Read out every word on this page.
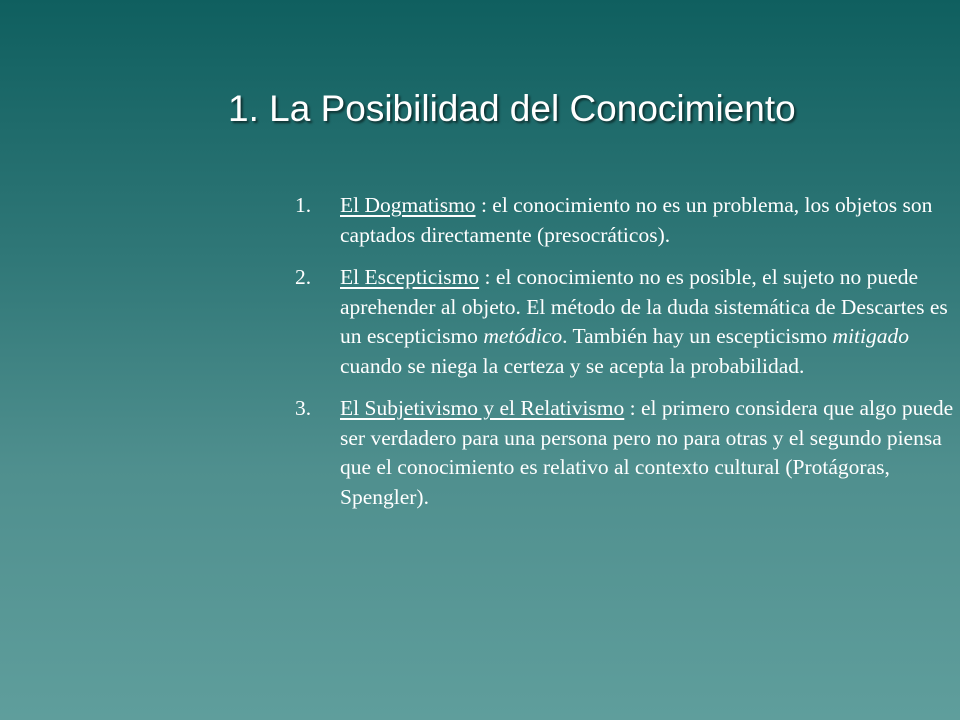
1. La Posibilidad del Conocimiento
1. El Dogmatismo : el conocimiento no es un problema, los objetos son captados directamente (presocráticos).
2. El Escepticismo : el conocimiento no es posible, el sujeto no puede aprehender al objeto. El método de la duda sistemática de Descartes es un escepticismo metódico. También hay un escepticismo mitigado cuando se niega la certeza y se acepta la probabilidad.
3. El Subjetivismo y el Relativismo : el primero considera que algo puede ser verdadero para una persona pero no para otras y el segundo piensa que el conocimiento es relativo al contexto cultural (Protágoras, Spengler).
